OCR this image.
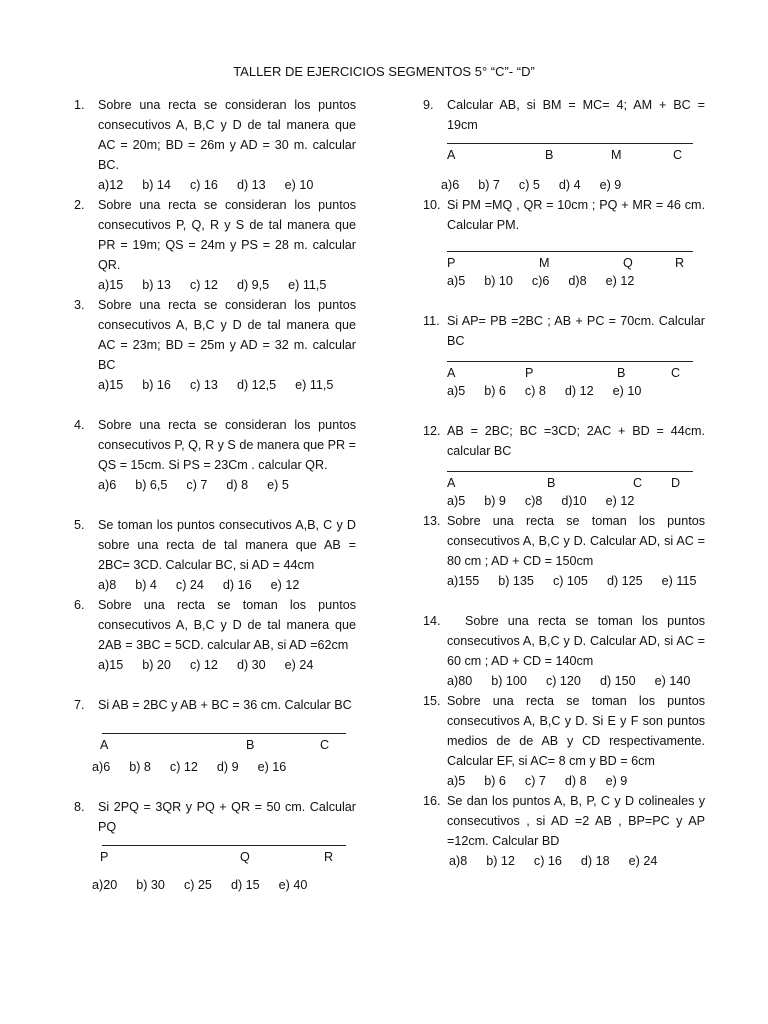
TALLER DE EJERCICIOS SEGMENTOS 5° “C”- “D”
1. Sobre una recta se consideran los puntos consecutivos A, B,C y D de tal manera que AC = 20m; BD = 26m y AD = 30 m. calcular BC.
a)12 b) 14 c) 16 d) 13 e) 10
2. Sobre una recta se consideran los puntos consecutivos P, Q, R y S de tal manera que PR = 19m; QS = 24m y PS = 28 m. calcular QR.
a)15 b) 13 c) 12 d) 9,5 e) 11,5
3. Sobre una recta se consideran los puntos consecutivos A, B,C y D de tal manera que AC = 23m; BD = 25m y AD = 32 m. calcular BC
a)15 b) 16 c) 13 d) 12,5 e) 11,5
4. Sobre una recta se consideran los puntos consecutivos P, Q, R y S de manera que PR = QS = 15cm. Si PS = 23Cm . calcular QR.
a)6 b) 6,5 c) 7 d) 8 e) 5
5. Se toman los puntos consecutivos A,B, C y D sobre una recta de tal manera que AB = 2BC= 3CD. Calcular BC, si AD = 44cm
a)8 b) 4 c) 24 d) 16 e) 12
6. Sobre una recta se toman los puntos consecutivos A, B,C y D de tal manera que 2AB = 3BC = 5CD. calcular AB, si AD =62cm
a)15 b) 20 c) 12 d) 30 e) 24
7. Si AB = 2BC y AB + BC = 36 cm. Calcular BC
A	B	C
a)6 b) 8 c) 12 d) 9 e) 16
8. Si 2PQ = 3QR y PQ + QR = 50 cm. Calcular PQ
P	Q	R
a)20 b) 30 c) 25 d) 15 e) 40
9. Calcular AB, si BM = MC= 4; AM + BC = 19cm
A	B	M	C
a)6 b) 7 c) 5 d) 4 e) 9
10. Si PM =MQ , QR = 10cm ; PQ + MR = 46 cm. Calcular PM.
P	M	Q	R
a)5 b) 10 c)6 d)8 e) 12
11. Si AP= PB =2BC ; AB + PC = 70cm. Calcular BC
A	P	B	C
a)5 b) 6 c) 8 d) 12 e) 10
12. AB = 2BC; BC =3CD; 2AC + BD = 44cm. calcular BC
A	B	C D
a)5 b) 9 c)8 d)10 e) 12
13. Sobre una recta se toman los puntos consecutivos A, B,C y D. Calcular AD, si AC = 80 cm ; AD + CD = 150cm
a)155 b) 135 c) 105 d) 125 e) 115
14.	Sobre una recta se toman los puntos consecutivos A, B,C y D. Calcular AD, si AC = 60 cm ; AD + CD = 140cm
a)80 b) 100 c) 120 d) 150 e) 140
15. Sobre una recta se toman los puntos consecutivos A, B,C y D. Si E y F son puntos medios de de AB y CD respectivamente. Calcular EF, si AC= 8 cm y BD = 6cm
a)5 b) 6 c) 7 d) 8 e) 9
16. Se dan los puntos A, B, P, C y D colineales y consecutivos , si AD =2 AB , BP=PC y AP =12cm. Calcular BD
a)8 b) 12 c) 16 d) 18 e) 24
